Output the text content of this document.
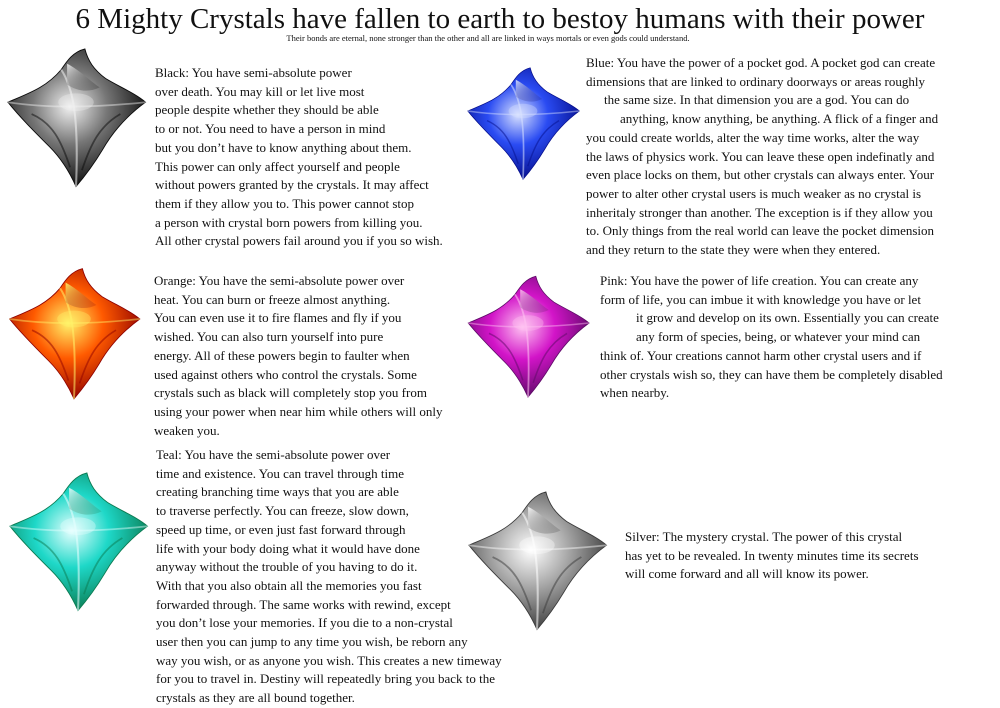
6 Mighty Crystals have fallen to earth to bestoy humans with their power
Their bonds are eternal, none stronger than the other and all are linked in ways mortals or even gods could understand.
Black: You have semi-absolute power
over death. You may kill or let live most
people despite whether they should be able
to or not. You need to have a person in mind
but you don’t have to know anything about them.
This power can only affect yourself and people
without powers granted by the crystals. It may affect
them if they allow you to. This power cannot stop
a person with crystal born powers from killing you.
All other crystal powers fail around you if you so wish.
Blue: You have the power of a pocket god. A pocket god can create
dimensions that are linked to ordinary doorways or areas roughly
the same size. In that dimension you are a god. You can do
anything, know anything, be anything. A flick of a finger and
you could create worlds, alter the way time works, alter the way
the laws of physics work. You can leave these open indefinatly and
even place locks on them, but other crystals can always enter. Your
power to alter other crystal users is much weaker as no crystal is
inheritaly stronger than another. The exception is if they allow you
to. Only things from the real world can leave the pocket dimension
and they return to the state they were when they entered.
Orange: You have the semi-absolute power over
heat. You can burn or freeze almost anything.
You can even use it to fire flames and fly if you
wished. You can also turn yourself into pure
energy. All of these powers begin to faulter when
used against others who control the crystals. Some
crystals such as black will completely stop you from
using your power when near him while others will only
weaken you.
Pink: You have the power of life creation. You can create any
form of life, you can imbue it with knowledge you have or let
it grow and develop on its own. Essentially you can create
any form of species, being, or whatever your mind can
think of. Your creations cannot harm other crystal users and if
other crystals wish so, they can have them be completely disabled
when nearby.
Teal: You have the semi-absolute power over
time and existence. You can travel through time
creating branching time ways that you are able
to traverse perfectly. You can freeze, slow down,
speed up time, or even just fast forward through
life with your body doing what it would have done
anyway without the trouble of you having to do it.
With that you also obtain all the memories you fast
forwarded through. The same works with rewind, except
you don’t lose your memories. If you die to a non-crystal
user then you can jump to any time you wish, be reborn any
way you wish, or as anyone you wish. This creates a new timeway
for you to travel in. Destiny will repeatedly bring you back to the
crystals as they are all bound together.
Silver: The mystery crystal. The power of this crystal
has yet to be revealed. In twenty minutes time its secrets
will come forward and all will know its power.
